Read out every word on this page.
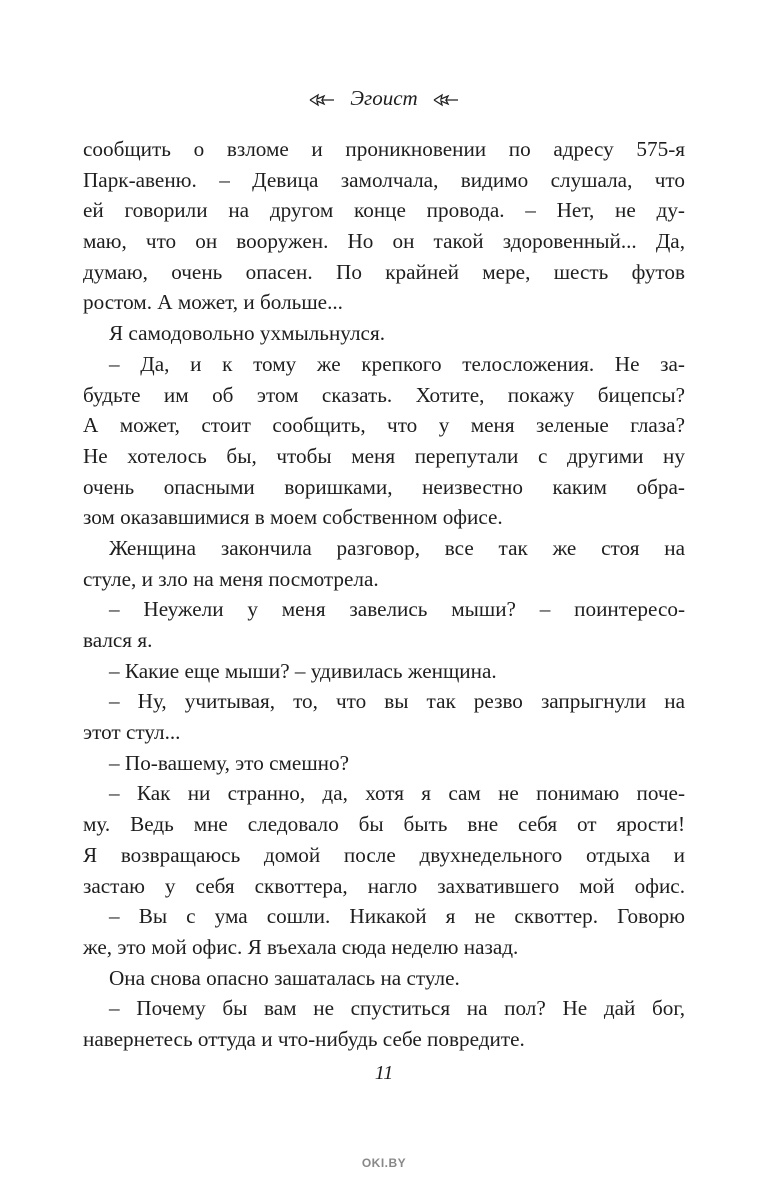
Эгоист
сообщить о взломе и проникновении по адресу 575-я
Парк-авеню. – Девица замолчала, видимо слушала, что
ей говорили на другом конце провода. – Нет, не ду-
маю, что он вооружен. Но он такой здоровенный... Да,
думаю, очень опасен. По крайней мере, шесть футов
ростом. А может, и больше...
Я самодовольно ухмыльнулся.
– Да, и к тому же крепкого телосложения. Не за-
будьте им об этом сказать. Хотите, покажу бицепсы?
А может, стоит сообщить, что у меня зеленые глаза?
Не хотелось бы, чтобы меня перепутали с другими ну
очень опасными воришками, неизвестно каким обра-
зом оказавшимися в моем собственном офисе.
Женщина закончила разговор, все так же стоя на
стуле, и зло на меня посмотрела.
– Неужели у меня завелись мыши? – поинтересо-
вался я.
– Какие еще мыши? – удивилась женщина.
– Ну, учитывая, то, что вы так резво запрыгнули на
этот стул...
– По-вашему, это смешно?
– Как ни странно, да, хотя я сам не понимаю поче-
му. Ведь мне следовало бы быть вне себя от ярости!
Я возвращаюсь домой после двухнедельного отдыха и
застаю у себя сквоттера, нагло захватившего мой офис.
– Вы с ума сошли. Никакой я не сквоттер. Говорю
же, это мой офис. Я въехала сюда неделю назад.
Она снова опасно зашаталась на стуле.
– Почему бы вам не спуститься на пол? Не дай бог,
навернетесь оттуда и что-нибудь себе повредите.
11
OKI.BY
